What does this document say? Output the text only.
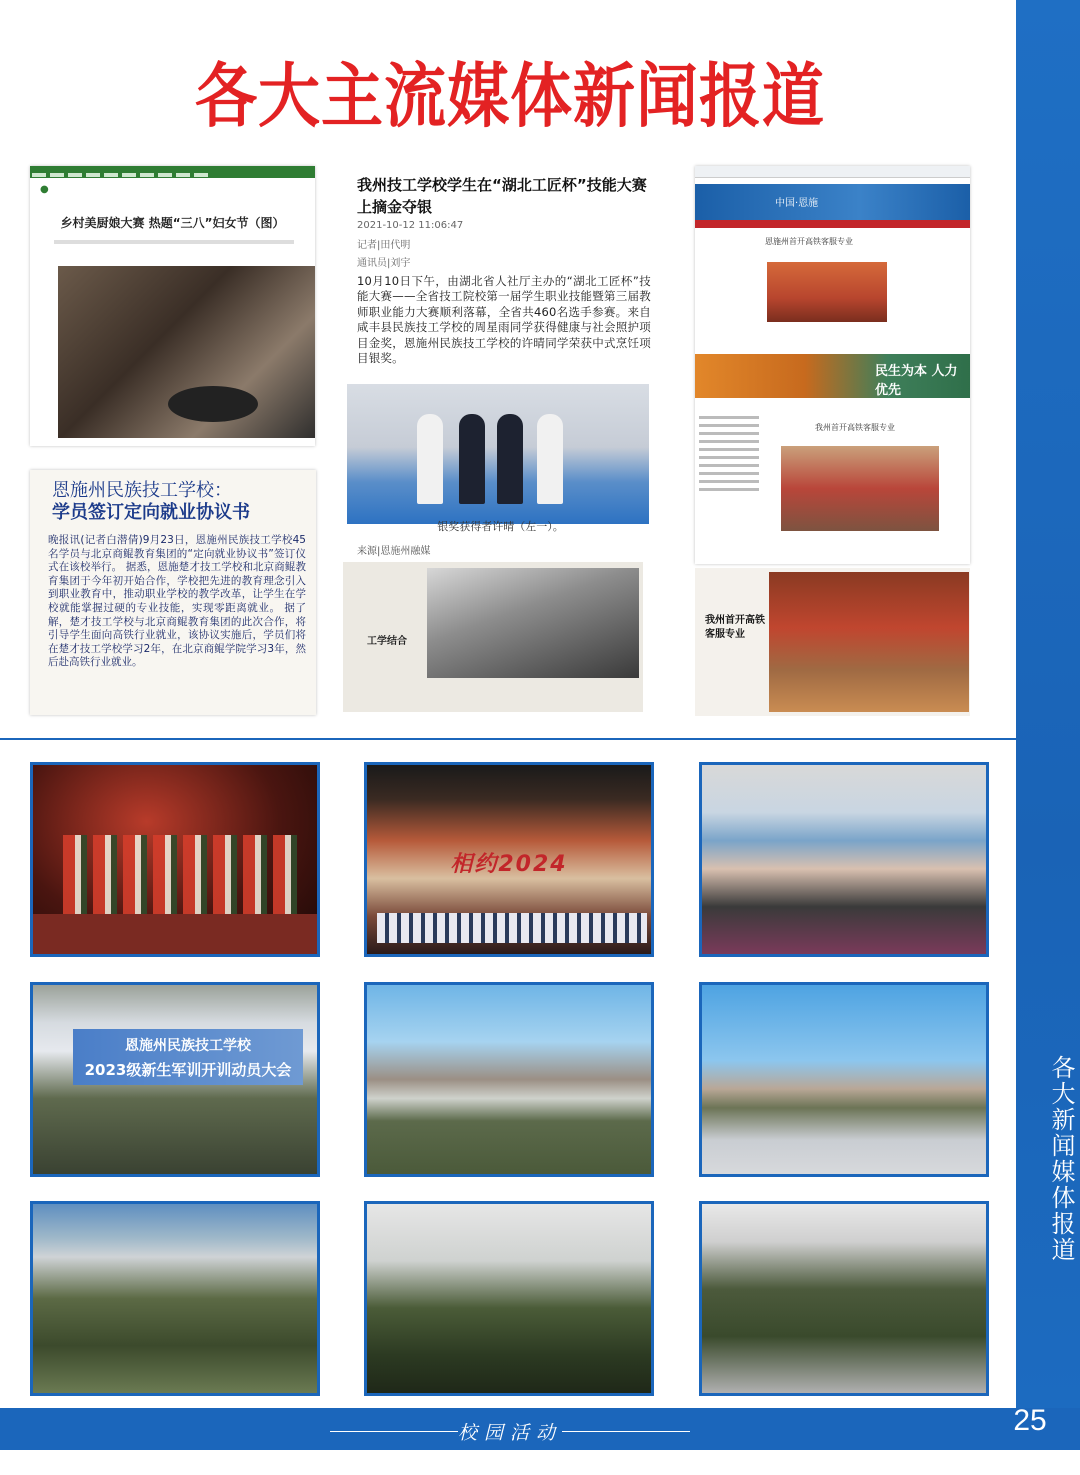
各大新闻媒体报道
各大主流媒体新闻报道
●
乡村美厨娘大赛 热题“三八”妇女节（图）
恩施州民族技工学校：
学员签订定向就业协议书
晚报讯(记者白潜倩)9月23日，恩施州民族技工学校45名学员与北京商鲲教育集团的“定向就业协议书”签订仪式在该校举行。 据悉，恩施楚才技工学校和北京商鲲教育集团于今年初开始合作，学校把先进的教育理念引入到职业教育中，推动职业学校的教学改革，让学生在学校就能掌握过硬的专业技能，实现零距离就业。 据了解，楚才技工学校与北京商鲲教育集团的此次合作，将引导学生面向高铁行业就业，该协议实施后，学员们将在楚才技工学校学习2年，在北京商鲲学院学习3年，然后赴高铁行业就业。
我州技工学校学生在“湖北工匠杯”技能大赛上摘金夺银
2021-10-12 11:06:47
记者|田代明
通讯员|刘宇
10月10日下午，由湖北省人社厅主办的“湖北工匠杯”技能大赛——全省技工院校第一届学生职业技能暨第三届教师职业能力大赛顺利落幕，全省共460名选手参赛。来自咸丰县民族技工学校的周星雨同学获得健康与社会照护项目金奖，恩施州民族技工学校的许晴同学荣获中式烹饪项目银奖。
银奖获得者许晴（左一）。
来源|恩施州融媒
工学结合
中国·恩施
恩施州首开高铁客服专业
民生为本 人力优先
我州首开高铁客服专业
我州首开高铁客服专业
相约2024
恩施州民族技工学校
2023级新生军训开训动员大会
校园活动	25
